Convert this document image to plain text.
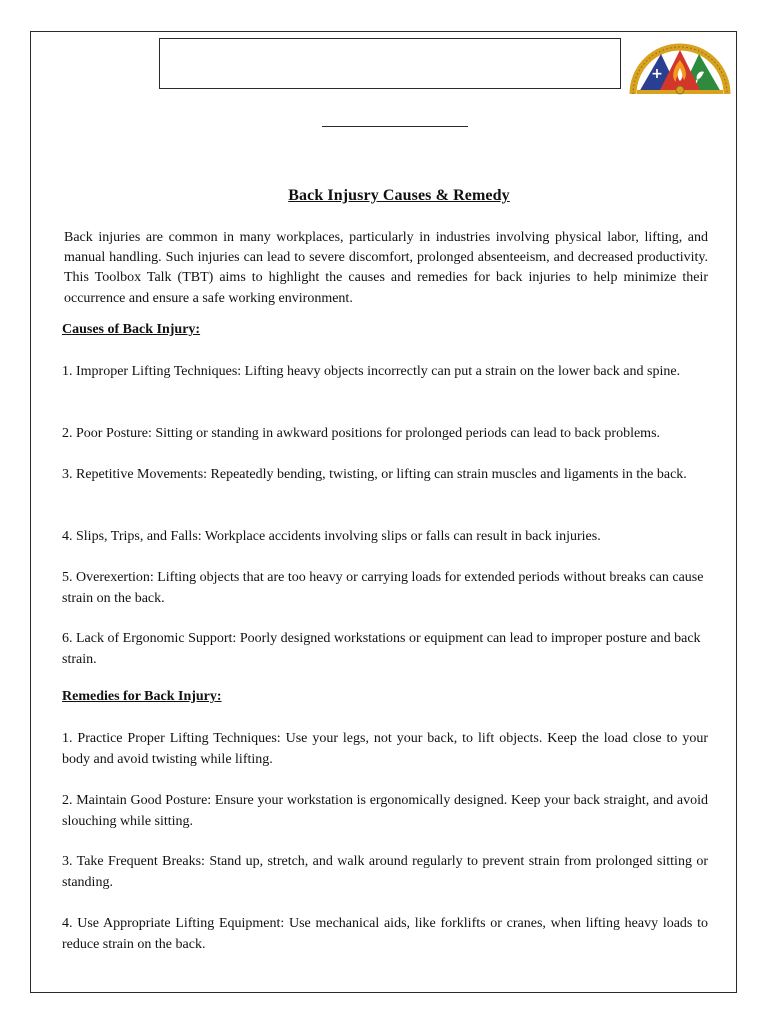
+
Back Injusry Causes & Remedy

Back injuries are common in many workplaces, particularly in industries involving physical labor, lifting, and manual handling. Such injuries can lead to severe discomfort, prolonged absenteeism, and decreased productivity. This Toolbox Talk (TBT) aims to highlight the causes and remedies for back injuries to help minimize their occurrence and ensure a safe working environment.

Causes of Back Injury:

1. Improper Lifting Techniques: Lifting heavy objects incorrectly can put a strain on the lower back and spine.

2. Poor Posture: Sitting or standing in awkward positions for prolonged periods can lead to back problems.

3. Repetitive Movements: Repeatedly bending, twisting, or lifting can strain muscles and ligaments in the back.

4. Slips, Trips, and Falls: Workplace accidents involving slips or falls can result in back injuries.

5. Overexertion: Lifting objects that are too heavy or carrying loads for extended periods without breaks can cause strain on the back.

6. Lack of Ergonomic Support: Poorly designed workstations or equipment can lead to improper posture and back strain.

Remedies for Back Injury:

1. Practice Proper Lifting Techniques: Use your legs, not your back, to lift objects. Keep the load close to your body and avoid twisting while lifting.

2. Maintain Good Posture: Ensure your workstation is ergonomically designed. Keep your back straight, and avoid slouching while sitting.

3. Take Frequent Breaks: Stand up, stretch, and walk around regularly to prevent strain from prolonged sitting or standing.

4. Use Appropriate Lifting Equipment: Use mechanical aids, like forklifts or cranes, when lifting heavy loads to reduce strain on the back.
